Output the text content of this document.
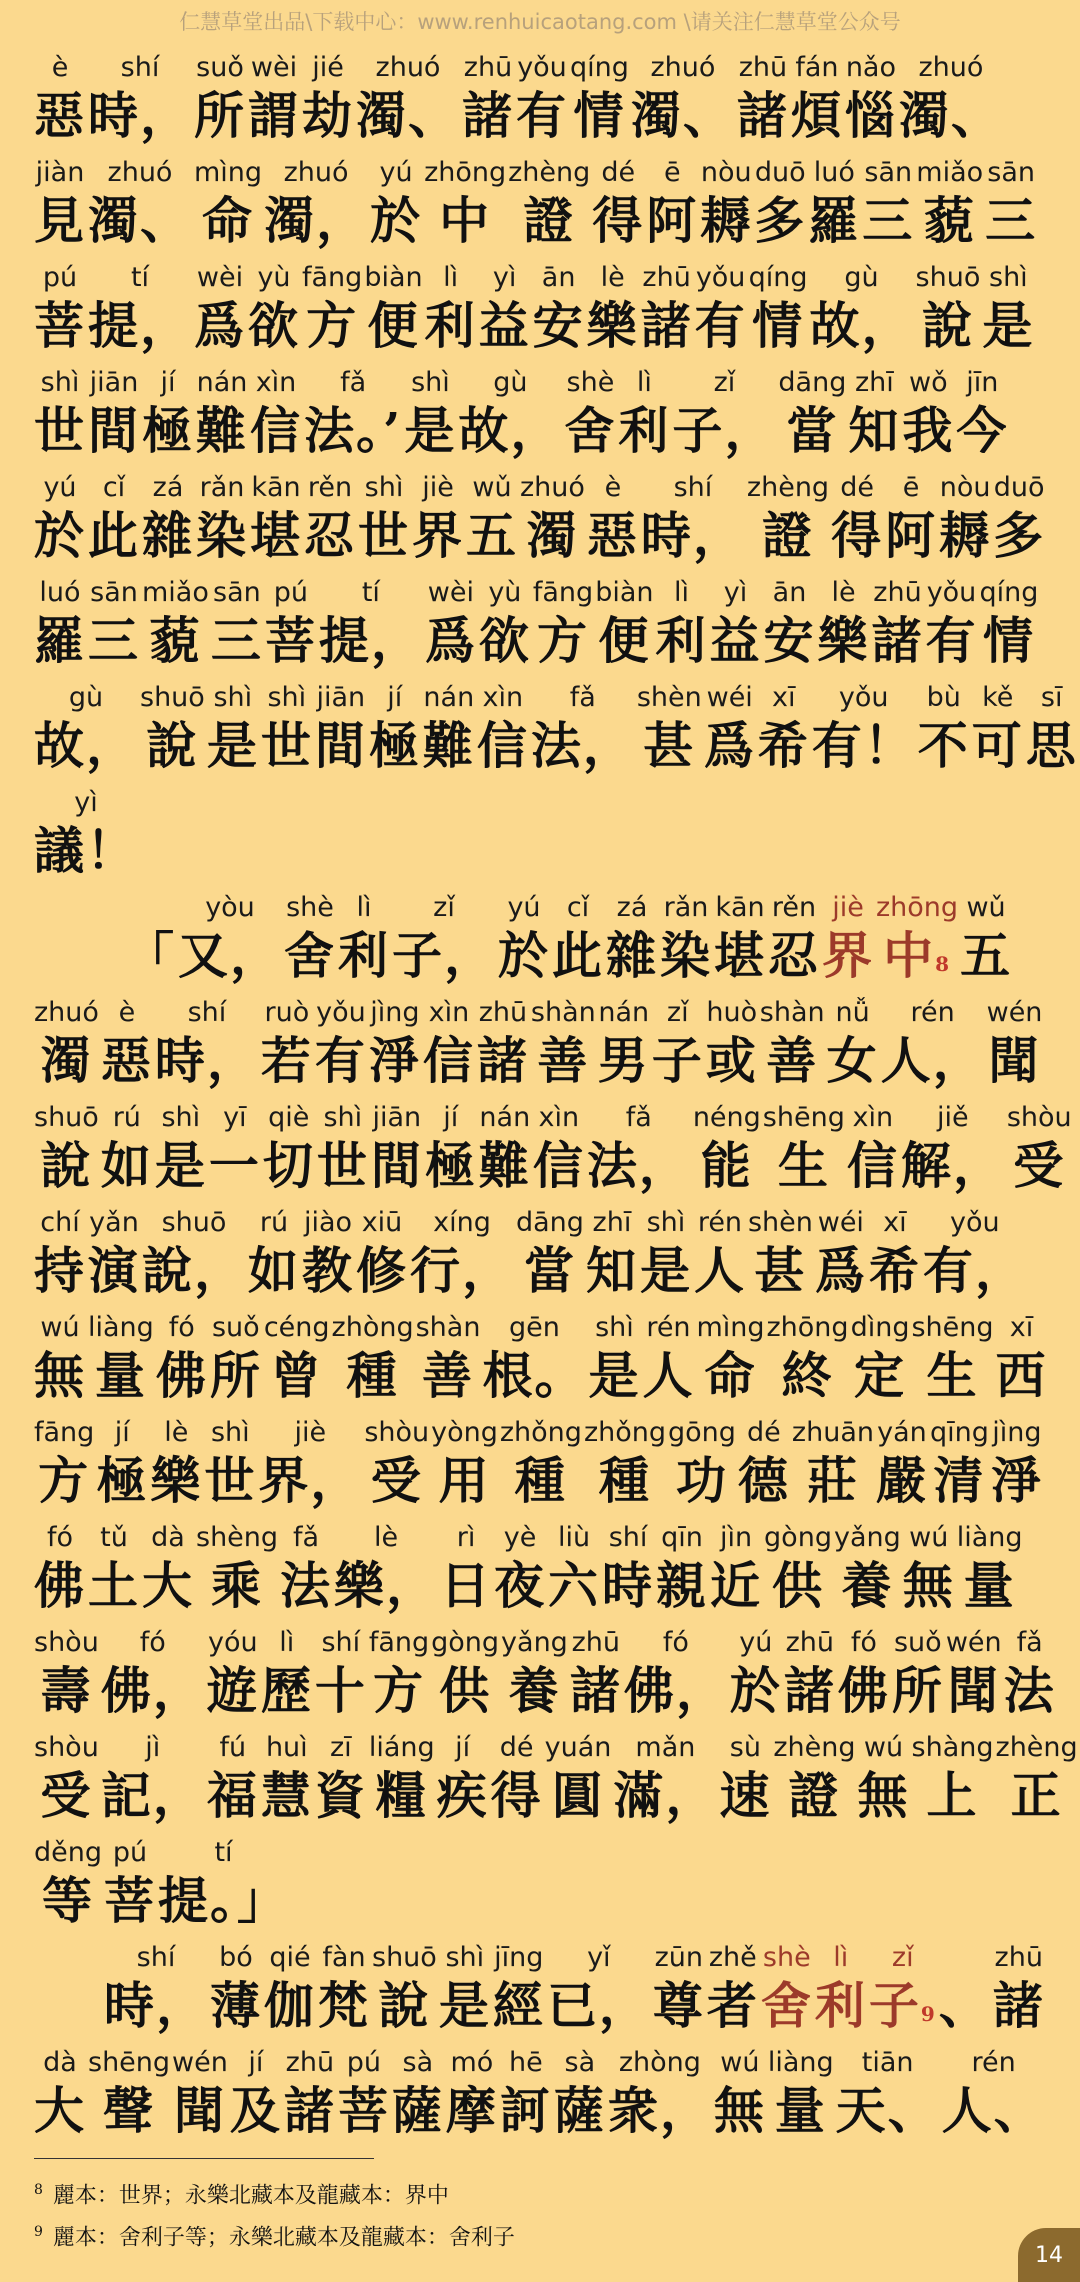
仁慧草堂出品\下载中心：www.renhuicaotang.com \请关注仁慧草堂公众号
è
惡
shí
時，
suǒ
所
wèi
謂
jié
劫
zhuó
濁、
zhū
諸
yǒu
有
qíng
情
zhuó
濁、
zhū
諸
fán
煩
nǎo
惱
zhuó
濁、
jiàn
見
zhuó
濁、
mìng
命
zhuó
濁，
yú
於
zhōng
中
zhèng
證
dé
得
ē
阿
nòu
耨
duō
多
luó
羅
sān
三
miǎo
藐
sān
三
pú
菩
tí
提，
wèi
爲
yù
欲
fāng
方
biàn
便
lì
利
yì
益
ān
安
lè
樂
zhū
諸
yǒu
有
qíng
情
gù
故，
shuō
說
shì
是
shì
世
jiān
間
jí
極
nán
難
xìn
信
fǎ
法。’
shì
是
gù
故，
shè
舍
lì
利
zǐ
子，
dāng
當
zhī
知
wǒ
我
jīn
今
yú
於
cǐ
此
zá
雜
rǎn
染
kān
堪
rěn
忍
shì
世
jiè
界
wǔ
五
zhuó
濁
è
惡
shí
時，
zhèng
證
dé
得
ē
阿
nòu
耨
duō
多
luó
羅
sān
三
miǎo
藐
sān
三
pú
菩
tí
提，
wèi
爲
yù
欲
fāng
方
biàn
便
lì
利
yì
益
ān
安
lè
樂
zhū
諸
yǒu
有
qíng
情
gù
故，
shuō
說
shì
是
shì
世
jiān
間
jí
極
nán
難
xìn
信
fǎ
法，
shèn
甚
wéi
爲
xī
希
yǒu
有！
bù
不
kě
可
sī
思
yì
議！
「
yòu
又，
shè
舍
lì
利
zǐ
子，
yú
於
cǐ
此
zá
雜
rǎn
染
kān
堪
rěn
忍
jiè
界
zhōng
中$^8$
wǔ
五
zhuó
濁
è
惡
shí
時，
ruò
若
yǒu
有
jìng
淨
xìn
信
zhū
諸
shàn
善
nán
男
zǐ
子
huò
或
shàn
善
nǚ
女
rén
人，
wén
聞
shuō
說
rú
如
shì
是
yī
一
qiè
切
shì
世
jiān
間
jí
極
nán
難
xìn
信
fǎ
法，
néng
能
shēng
生
xìn
信
jiě
解，
shòu
受
chí
持
yǎn
演
shuō
說，
rú
如
jiào
教
xiū
修
xíng
行，
dāng
當
zhī
知
shì
是
rén
人
shèn
甚
wéi
爲
xī
希
yǒu
有，
wú
無
liàng
量
fó
佛
suǒ
所
céng
曾
zhòng
種
shàn
善
gēn
根。
shì
是
rén
人
mìng
命
zhōng
終
dìng
定
shēng
生
xī
西
fāng
方
jí
極
lè
樂
shì
世
jiè
界，
shòu
受
yòng
用
zhǒng
種
zhǒng
種
gōng
功
dé
德
zhuān
莊
yán
嚴
qīng
清
jìng
淨
fó
佛
tǔ
土
dà
大
shèng
乘
fǎ
法
lè
樂，
rì
日
yè
夜
liù
六
shí
時
qīn
親
jìn
近
gòng
供
yǎng
養
wú
無
liàng
量
shòu
壽
fó
佛，
yóu
遊
lì
歷
shí
十
fāng
方
gòng
供
yǎng
養
zhū
諸
fó
佛，
yú
於
zhū
諸
fó
佛
suǒ
所
wén
聞
fǎ
法
shòu
受
jì
記，
fú
福
huì
慧
zī
資
liáng
糧
jí
疾
dé
得
yuán
圓
mǎn
滿，
sù
速
zhèng
證
wú
無
shàng
上
zhèng
正
děng
等
pú
菩
tí
提。」
shí
時，
bó
薄
qié
伽
fàn
梵
shuō
說
shì
是
jīng
經
yǐ
已，
zūn
尊
zhě
者
shè
舍
lì
利
zǐ
子$^9$ 、
zhū
諸
dà
大
shēng
聲
wén
聞
jí
及
zhū
諸
pú
菩
sà
薩
mó
摩
hē
訶
sà
薩
zhòng
衆，
wú
無
liàng
量
tiān
天、
rén
人、
$^8$ 麗本：世界；永樂北藏本及龍藏本：界中
$^9$ 麗本：舍利子等；永樂北藏本及龍藏本：舍利子
14
